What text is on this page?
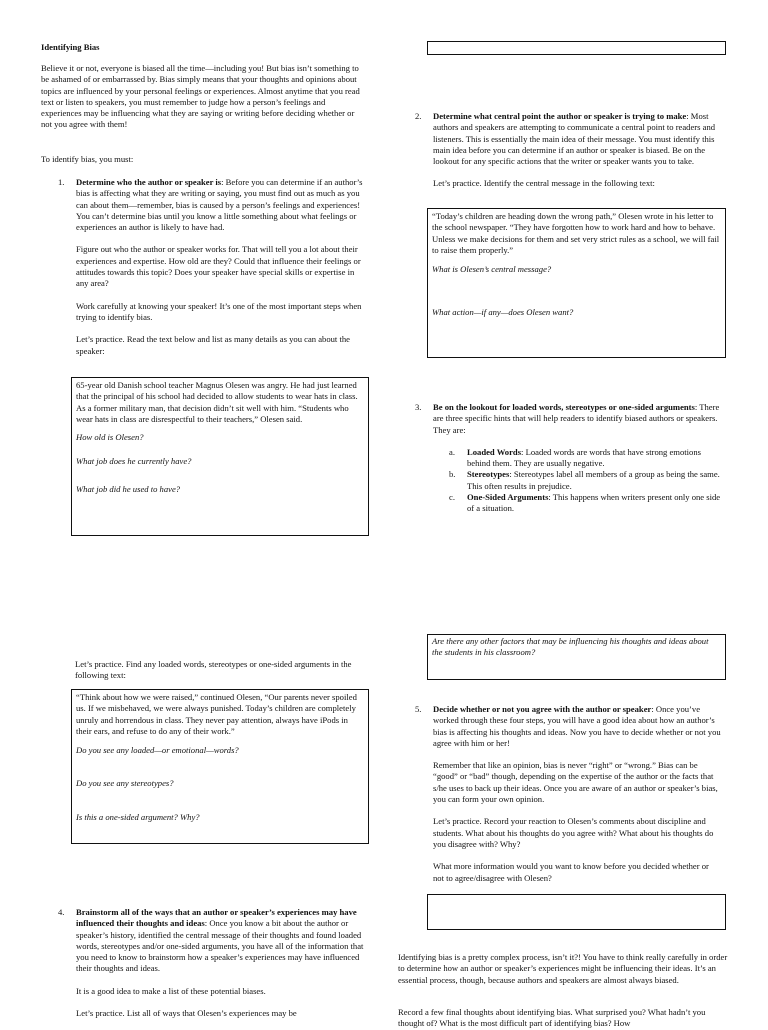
Identifying Bias

Believe it or not, everyone is biased all the time—including you! But bias isn’t something to be ashamed of or embarrassed by. Bias simply means that your thoughts and opinions about topics are influenced by your personal feelings or experiences. Almost anytime that you read text or listen to speakers, you must remember to judge how a person’s feelings and experiences may be influencing what they are saying or writing before deciding whether or not you agree with them!

To identify bias, you must:

1. Determine who the author or speaker is: Before you can determine if an author’s bias is affecting what they are writing or saying, you must find out as much as you can about them—remember, bias is caused by a person’s feelings and experiences! You can’t determine bias until you know a little something about what feelings or experiences an author is likely to have had.

Figure out who the author or speaker works for. That will tell you a lot about their experiences and expertise. How old are they? Could that influence their feelings or attitudes towards this topic? Does your speaker have special skills or expertise in any area?

Work carefully at knowing your speaker! It’s one of the most important steps when trying to identify bias.

Let’s practice. Read the text below and list as many details as you can about the speaker:

65-year old Danish school teacher Magnus Olesen was angry. He had just learned that the principal of his school had decided to allow students to wear hats in class. As a former military man, that decision didn’t sit well with him. “Students who wear hats in class are disrespectful to their teachers,” Olesen said.

How old is Olesen?

What job does he currently have?

What job did he used to have?

Let’s practice. Find any loaded words, stereotypes or one-sided arguments in the following text:

“Think about how we were raised,” continued Olesen, “Our parents never spoiled us. If we misbehaved, we were always punished. Today’s children are completely unruly and horrendous in class. They never pay attention, always have iPods in their ears, and refuse to do any of their work.”

Do you see any loaded—or emotional—words?

Do you see any stereotypes?

Is this a one-sided argument? Why?

4. Brainstorm all of the ways that an author or speaker’s experiences may have influenced their thoughts and ideas: Once you know a bit about the author or speaker’s history, identified the central message of their thoughts and found loaded words, stereotypes and/or one-sided arguments, you have all of the information that you need to know to brainstorm how a speaker’s experiences may have influenced their thoughts and ideas.

It is a good idea to make a list of these potential biases.

Let’s practice. List all of ways that Olesen’s experiences may be

2. Determine what central point the author or speaker is trying to make: Most authors and speakers are attempting to communicate a central point to readers and listeners. This is essentially the main idea of their message. You must identify this main idea before you can determine if an author or speaker is biased. Be on the lookout for any specific actions that the writer or speaker wants you to take.

Let’s practice. Identify the central message in the following text:

“Today’s children are heading down the wrong path,” Olesen wrote in his letter to the school newspaper. “They have forgotten how to work hard and how to behave. Unless we make decisions for them and set very strict rules as a school, we will fail to raise them properly.”

What is Olesen’s central message?

What action—if any—does Olesen want?

3. Be on the lookout for loaded words, stereotypes or one-sided arguments: There are three specific hints that will help readers to identify biased authors or speakers. They are:

a. Loaded Words: Loaded words are words that have strong emotions behind them. They are usually negative.
b. Stereotypes: Stereotypes label all members of a group as being the same. This often results in prejudice.
c. One-Sided Arguments: This happens when writers present only one side of a situation.

Are there any other factors that may be influencing his thoughts and ideas about the students in his classroom?

5. Decide whether or not you agree with the author or speaker: Once you’ve worked through these four steps, you will have a good idea about how an author’s bias is affecting his thoughts and ideas. Now you have to decide whether or not you agree with him or her!

Remember that like an opinion, bias is never “right” or “wrong.” Bias can be “good” or “bad” though, depending on the expertise of the author or the facts that s/he uses to back up their ideas. Once you are aware of an author or speaker’s bias, you can form your own opinion.

Let’s practice. Record your reaction to Olesen’s comments about discipline and students. What about his thoughts do you agree with? What about his thoughts do you disagree with? Why?

What more information would you want to know before you decided whether or not to agree/disagree with Olesen?

Identifying bias is a pretty complex process, isn’t it?! You have to think really carefully in order to determine how an author or speaker’s experiences might be influencing their ideas. It’s an essential process, though, because authors and speakers are almost always biased.

Record a few final thoughts about identifying bias. What surprised you? What hadn’t you thought of? What is the most difficult part of identifying bias? How
